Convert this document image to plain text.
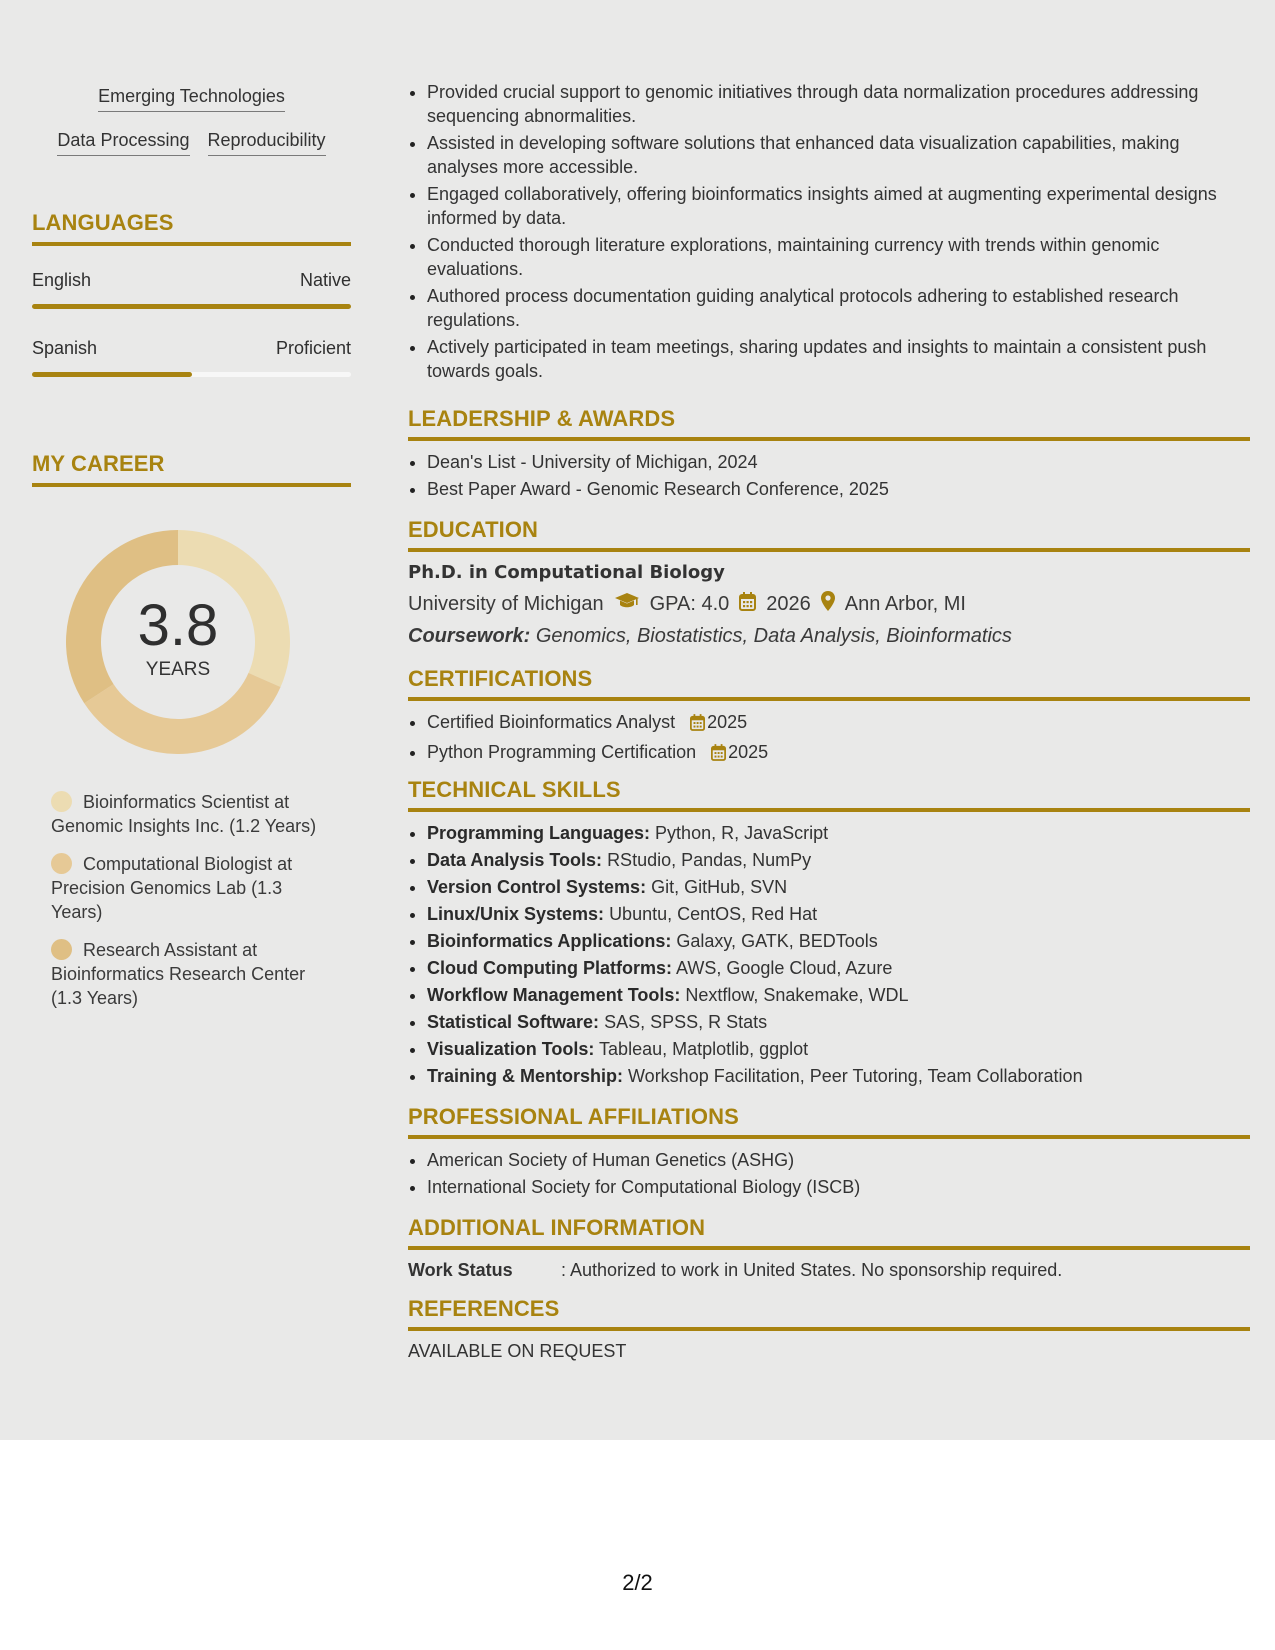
Emerging Technologies
Data Processing Reproducibility
LANGUAGES
English	Native
Spanish	Proficient
MY CAREER
3.8
YEARS
Bioinformatics Scientist at Genomic Insights Inc. (1.2 Years)
Computational Biologist at Precision Genomics Lab (1.3 Years)
Research Assistant at Bioinformatics Research Center (1.3 Years)
• Provided crucial support to genomic initiatives through data normalization procedures addressing sequencing abnormalities.
• Assisted in developing software solutions that enhanced data visualization capabilities, making analyses more accessible.
• Engaged collaboratively, offering bioinformatics insights aimed at augmenting experimental designs informed by data.
• Conducted thorough literature explorations, maintaining currency with trends within genomic evaluations.
• Authored process documentation guiding analytical protocols adhering to established research regulations.
• Actively participated in team meetings, sharing updates and insights to maintain a consistent push towards goals.
LEADERSHIP & AWARDS
• Dean's List - University of Michigan, 2024
• Best Paper Award - Genomic Research Conference, 2025
EDUCATION
Ph.D. in Computational Biology
University of Michigan GPA: 4.0 2026 Ann Arbor, MI
Coursework: Genomics, Biostatistics, Data Analysis, Bioinformatics
CERTIFICATIONS
• Certified Bioinformatics Analyst 2025
• Python Programming Certification 2025
TECHNICAL SKILLS
• Programming Languages: Python, R, JavaScript
• Data Analysis Tools: RStudio, Pandas, NumPy
• Version Control Systems: Git, GitHub, SVN
• Linux/Unix Systems: Ubuntu, CentOS, Red Hat
• Bioinformatics Applications: Galaxy, GATK, BEDTools
• Cloud Computing Platforms: AWS, Google Cloud, Azure
• Workflow Management Tools: Nextflow, Snakemake, WDL
• Statistical Software: SAS, SPSS, R Stats
• Visualization Tools: Tableau, Matplotlib, ggplot
• Training & Mentorship: Workshop Facilitation, Peer Tutoring, Team Collaboration
PROFESSIONAL AFFILIATIONS
• American Society of Human Genetics (ASHG)
• International Society for Computational Biology (ISCB)
ADDITIONAL INFORMATION
Work Status	: Authorized to work in United States. No sponsorship required.
REFERENCES
AVAILABLE ON REQUEST
2/2
